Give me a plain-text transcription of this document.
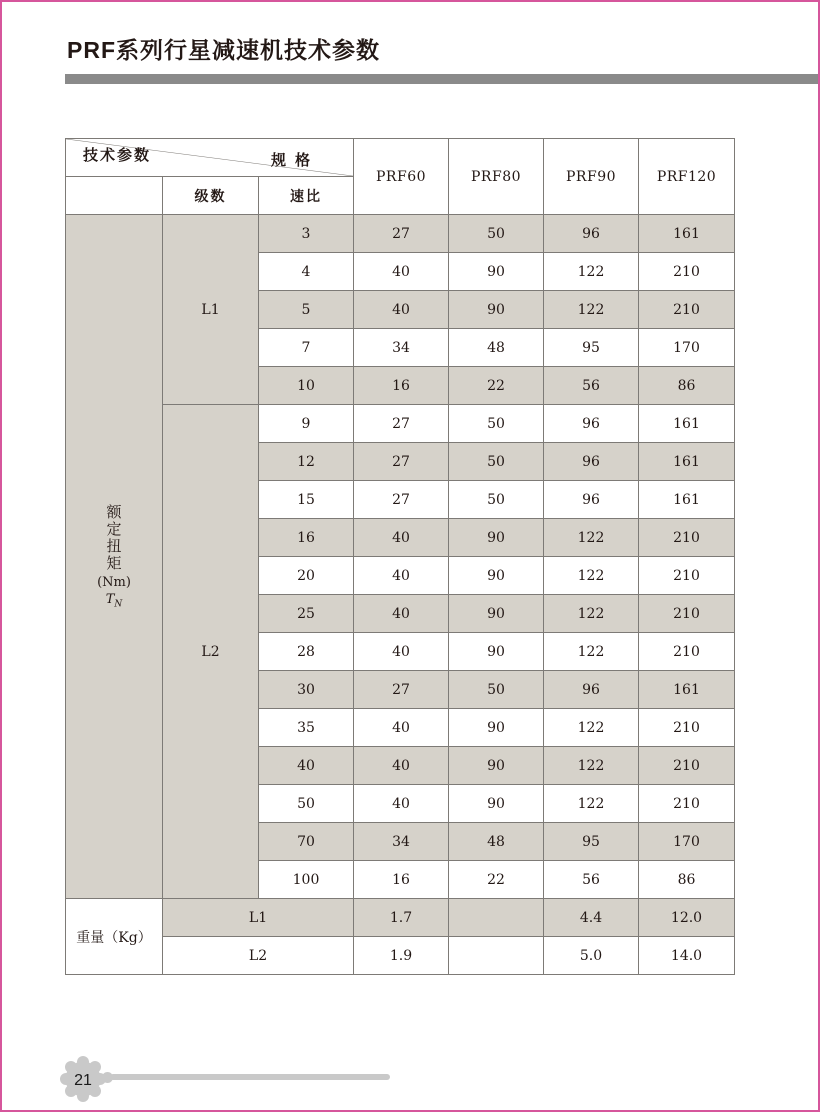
PRF系列行星减速机技术参数
规格
技术参数			PRF60	PRF80	PRF90	PRF120
	级数	速比				

额
定
扭
矩
(Nm)
$T_N$
	L1	3	27	50	96	161
		4	40	90	122	210
		5	40	90	122	210
		7	34	48	95	170
		10	16	22	56	86
	L2	9	27	50	96	161
		12	27	50	96	161
		15	27	50	96	161
		16	40	90	122	210
		20	40	90	122	210
		25	40	90	122	210
		28	40	90	122	210
		30	27	50	96	161
		35	40	90	122	210
		40	40	90	122	210
		50	40	90	122	210
		70	34	48	95	170
		100	16	22	56	86
重量（Kg）	L1		1.7		4.4	12.0
	L2		1.9		5.0	14.0
21
